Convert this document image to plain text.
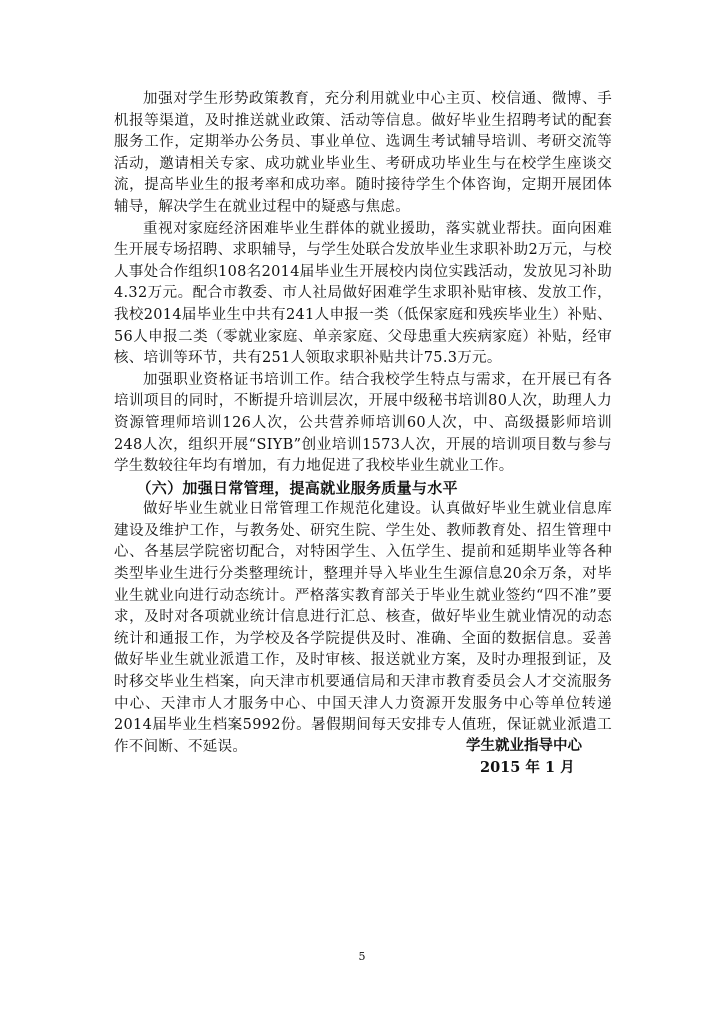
加强对学生形势政策教育，充分利用就业中心主页、校信通、微博、手机报等渠道，及时推送就业政策、活动等信息。做好毕业生招聘考试的配套服务工作，定期举办公务员、事业单位、选调生考试辅导培训、考研交流等活动，邀请相关专家、成功就业毕业生、考研成功毕业生与在校学生座谈交流，提高毕业生的报考率和成功率。随时接待学生个体咨询，定期开展团体辅导，解决学生在就业过程中的疑惑与焦虑。

重视对家庭经济困难毕业生群体的就业援助，落实就业帮扶。面向困难生开展专场招聘、求职辅导，与学生处联合发放毕业生求职补助2万元，与校人事处合作组织108名2014届毕业生开展校内岗位实践活动，发放见习补助4.32万元。配合市教委、市人社局做好困难学生求职补贴审核、发放工作，我校2014届毕业生中共有241人申报一类（低保家庭和残疾毕业生）补贴、56人申报二类（零就业家庭、单亲家庭、父母患重大疾病家庭）补贴，经审核、培训等环节，共有251人领取求职补贴共计75.3万元。

加强职业资格证书培训工作。结合我校学生特点与需求，在开展已有各培训项目的同时，不断提升培训层次，开展中级秘书培训80人次，助理人力资源管理师培训126人次，公共营养师培训60人次，中、高级摄影师培训248人次，组织开展“SIYB”创业培训1573人次，开展的培训项目数与参与学生数较往年均有增加，有力地促进了我校毕业生就业工作。

（六）加强日常管理，提高就业服务质量与水平

做好毕业生就业日常管理工作规范化建设。认真做好毕业生就业信息库建设及维护工作，与教务处、研究生院、学生处、教师教育处、招生管理中心、各基层学院密切配合，对特困学生、入伍学生、提前和延期毕业等各种类型毕业生进行分类整理统计，整理并导入毕业生生源信息20余万条，对毕业生就业向进行动态统计。严格落实教育部关于毕业生就业签约“四不准”要求，及时对各项就业统计信息进行汇总、核查，做好毕业生就业情况的动态统计和通报工作，为学校及各学院提供及时、准确、全面的数据信息。妥善做好毕业生就业派遣工作，及时审核、报送就业方案，及时办理报到证，及时移交毕业生档案，向天津市机要通信局和天津市教育委员会人才交流服务中心、天津市人才服务中心、中国天津人力资源开发服务中心等单位转递2014届毕业生档案5992份。暑假期间每天安排专人值班，保证就业派遣工作不间断、不延误。	学生就业指导中心
2015 年 1 月
5
